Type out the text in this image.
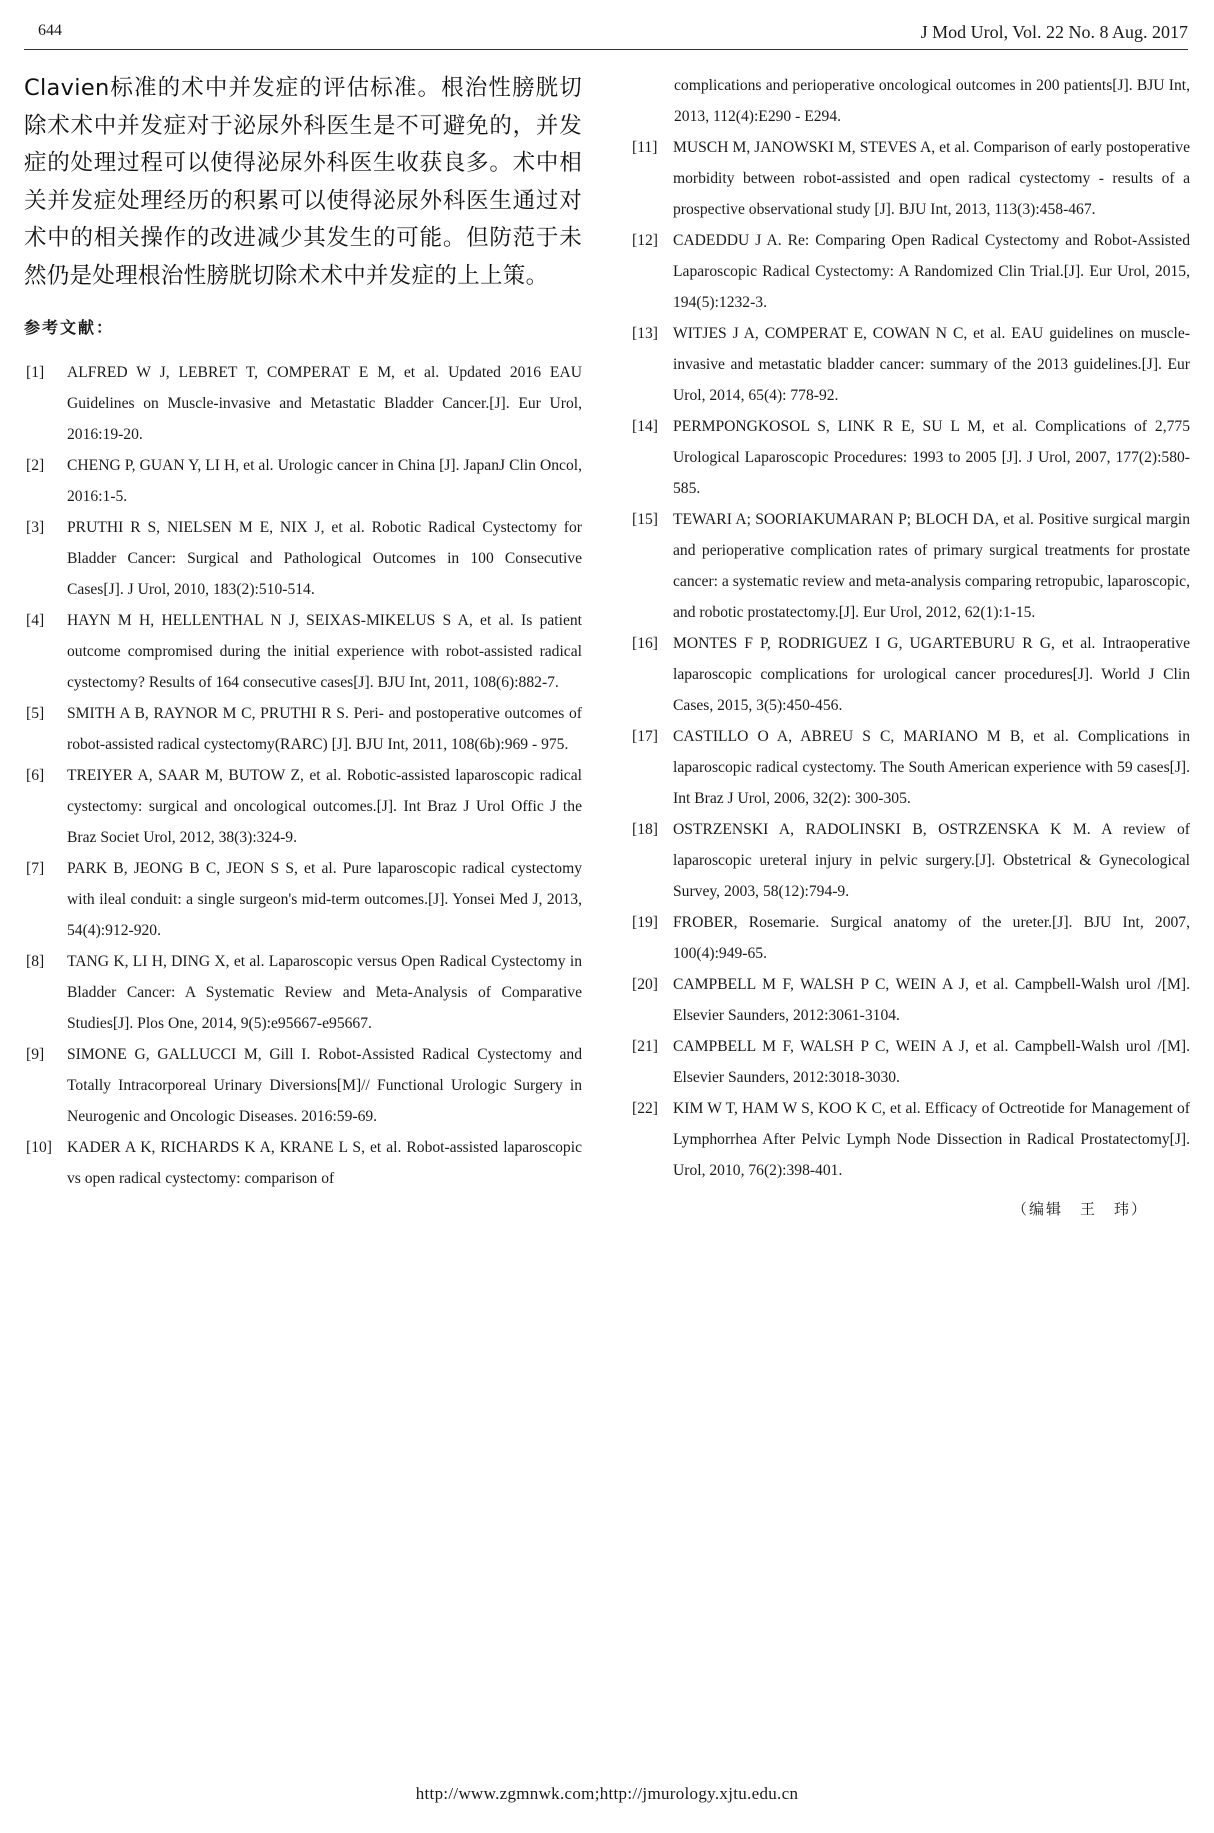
644	J Mod Urol, Vol. 22 No. 8 Aug. 2017

Clavien标准的术中并发症的评估标准。根治性膀胱切除术术中并发症对于泌尿外科医生是不可避免的，并发症的处理过程可以使得泌尿外科医生收获良多。术中相关并发症处理经历的积累可以使得泌尿外科医生通过对术中的相关操作的改进减少其发生的可能。但防范于未然仍是处理根治性膀胱切除术术中并发症的上上策。

参考文献：
[1] ALFRED W J, LEBRET T, COMPERAT E M, et al. Updated 2016 EAU Guidelines on Muscle-invasive and Metastatic Bladder Cancer.[J]. Eur Urol, 2016:19-20.
[2] CHENG P, GUAN Y, LI H, et al. Urologic cancer in China [J]. JapanJ Clin Oncol, 2016:1-5.
[3] PRUTHI R S, NIELSEN M E, NIX J, et al. Robotic Radical Cystectomy for Bladder Cancer: Surgical and Pathological Outcomes in 100 Consecutive Cases[J]. J Urol, 2010, 183(2):510-514.
[4] HAYN M H, HELLENTHAL N J, SEIXAS-MIKELUS S A, et al. Is patient outcome compromised during the initial experience with robot-assisted radical cystectomy? Results of 164 consecutive cases[J]. BJU Int, 2011, 108(6):882-7.
[5] SMITH A B, RAYNOR M C, PRUTHI R S. Peri- and postoperative outcomes of robot-assisted radical cystectomy(RARC) [J]. BJU Int, 2011, 108(6b):969 - 975.
[6] TREIYER A, SAAR M, BUTOW Z, et al. Robotic-assisted laparoscopic radical cystectomy: surgical and oncological outcomes.[J]. Int Braz J Urol Offic J the Braz Societ Urol, 2012, 38(3):324-9.
[7] PARK B, JEONG B C, JEON S S, et al. Pure laparoscopic radical cystectomy with ileal conduit: a single surgeon's mid-term outcomes.[J]. Yonsei Med J, 2013, 54(4):912-920.
[8] TANG K, LI H, DING X, et al. Laparoscopic versus Open Radical Cystectomy in Bladder Cancer: A Systematic Review and Meta-Analysis of Comparative Studies[J]. Plos One, 2014, 9(5):e95667-e95667.
[9] SIMONE G, GALLUCCI M, Gill I. Robot-Assisted Radical Cystectomy and Totally Intracorporeal Urinary Diversions[M]// Functional Urologic Surgery in Neurogenic and Oncologic Diseases. 2016:59-69.
[10] KADER A K, RICHARDS K A, KRANE L S, et al. Robot-assisted laparoscopic vs open radical cystectomy: comparison of
complications and perioperative oncological outcomes in 200 patients[J]. BJU Int, 2013, 112(4):E290 - E294.
[11] MUSCH M, JANOWSKI M, STEVES A, et al. Comparison of early postoperative morbidity between robot-assisted and open radical cystectomy - results of a prospective observational study [J]. BJU Int, 2013, 113(3):458-467.
[12] CADEDDU J A. Re: Comparing Open Radical Cystectomy and Robot-Assisted Laparoscopic Radical Cystectomy: A Randomized Clin Trial.[J]. Eur Urol, 2015, 194(5):1232-3.
[13] WITJES J A, COMPERAT E, COWAN N C, et al. EAU guidelines on muscle-invasive and metastatic bladder cancer: summary of the 2013 guidelines.[J]. Eur Urol, 2014, 65(4): 778-92.
[14] PERMPONGKOSOL S, LINK R E, SU L M, et al. Complications of 2,775 Urological Laparoscopic Procedures: 1993 to 2005 [J]. J Urol, 2007, 177(2):580-585.
[15] TEWARI A; SOORIAKUMARAN P; BLOCH DA, et al. Positive surgical margin and perioperative complication rates of primary surgical treatments for prostate cancer: a systematic review and meta-analysis comparing retropubic, laparoscopic, and robotic prostatectomy.[J]. Eur Urol, 2012, 62(1):1-15.
[16] MONTES F P, RODRIGUEZ I G, UGARTEBURU R G, et al. Intraoperative laparoscopic complications for urological cancer procedures[J]. World J Clin Cases, 2015, 3(5):450-456.
[17] CASTILLO O A, ABREU S C, MARIANO M B, et al. Complications in laparoscopic radical cystectomy. The South American experience with 59 cases[J]. Int Braz J Urol, 2006, 32(2): 300-305.
[18] OSTRZENSKI A, RADOLINSKI B, OSTRZENSKA K M. A review of laparoscopic ureteral injury in pelvic surgery.[J]. Obstetrical & Gynecological Survey, 2003, 58(12):794-9.
[19] FROBER, Rosemarie. Surgical anatomy of the ureter.[J]. BJU Int, 2007, 100(4):949-65.
[20] CAMPBELL M F, WALSH P C, WEIN A J, et al. Campbell-Walsh urol /[M]. Elsevier Saunders, 2012:3061-3104.
[21] CAMPBELL M F, WALSH P C, WEIN A J, et al. Campbell-Walsh urol /[M]. Elsevier Saunders, 2012:3018-3030.
[22] KIM W T, HAM W S, KOO K C, et al. Efficacy of Octreotide for Management of Lymphorrhea After Pelvic Lymph Node Dissection in Radical Prostatectomy[J]. Urol, 2010, 76(2):398-401.
（编辑　王　玮）
http://www.zgmnwk.com;http://jmurology.xjtu.edu.cn
